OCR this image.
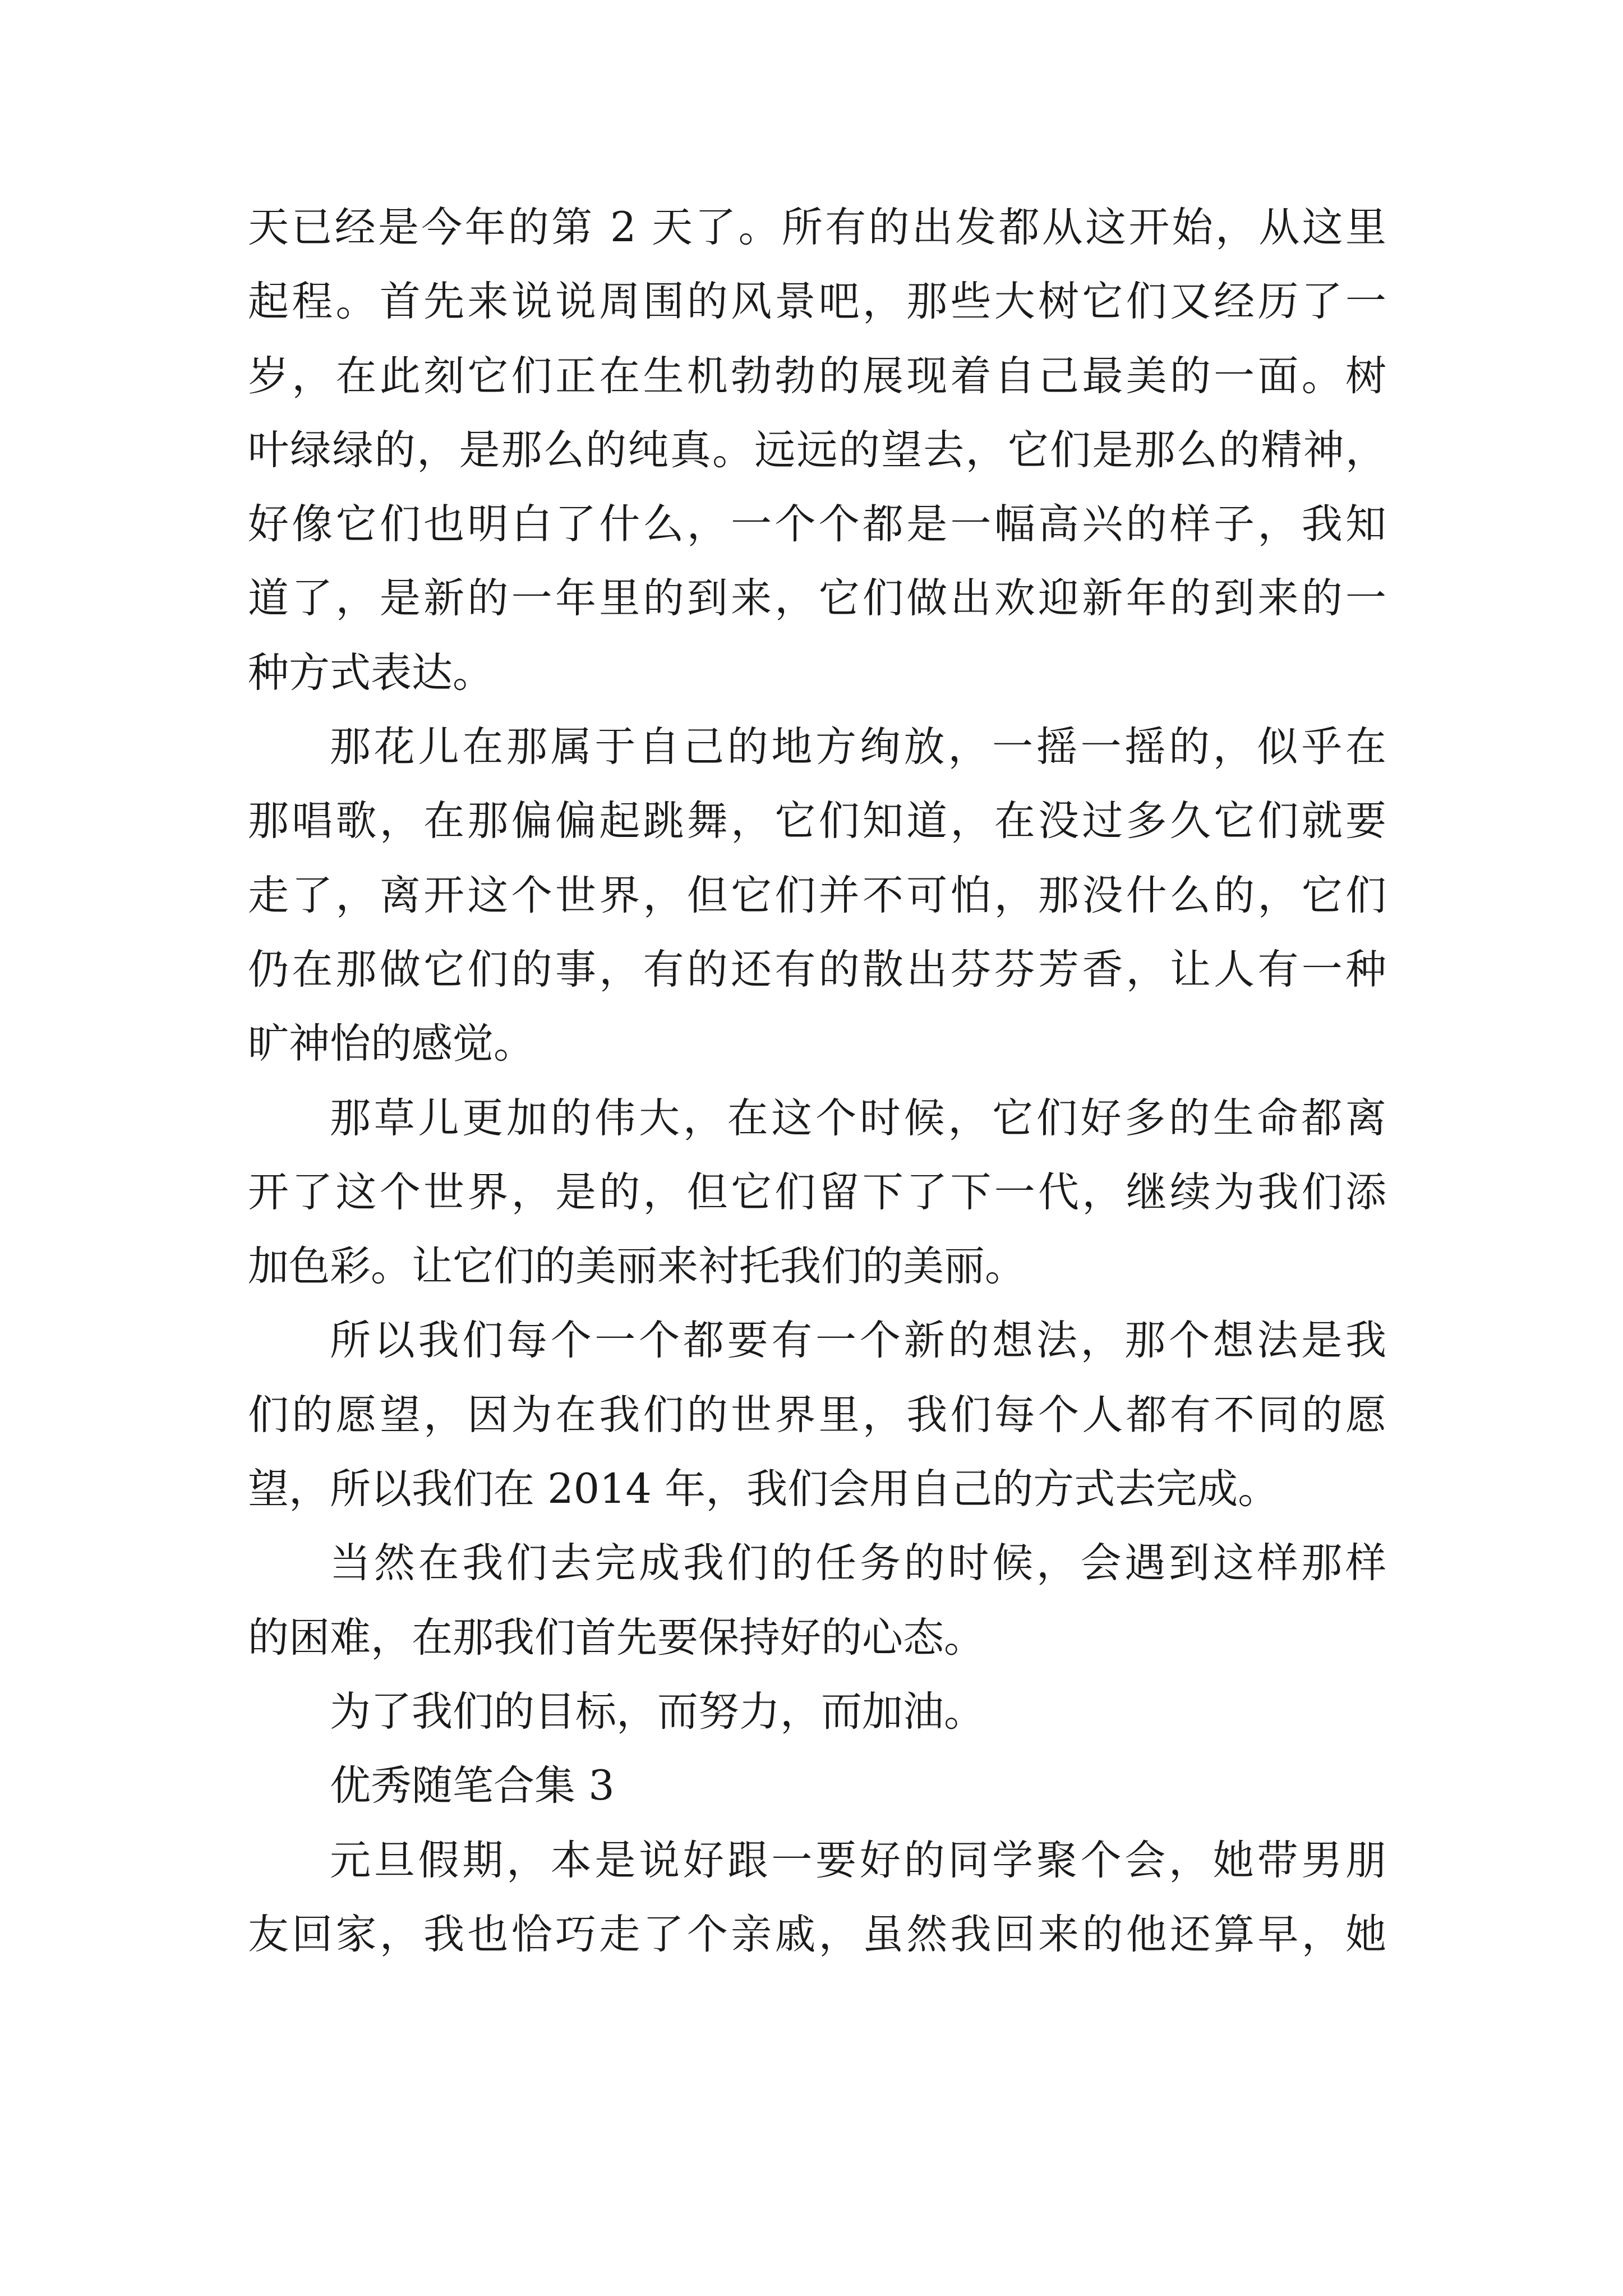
天已经是今年的第 2 天了。所有的出发都从这开始，从这里
起程。首先来说说周围的风景吧，那些大树它们又经历了一
岁，在此刻它们正在生机勃勃的展现着自己最美的一面。树
叶绿绿的，是那么的纯真。远远的望去，它们是那么的精神，
好像它们也明白了什么，一个个都是一幅高兴的样子，我知
道了，是新的一年里的到来，它们做出欢迎新年的到来的一
种方式表达。
那花儿在那属于自己的地方绚放，一摇一摇的，似乎在
那唱歌，在那偏偏起跳舞，它们知道，在没过多久它们就要
走了，离开这个世界，但它们并不可怕，那没什么的，它们
仍在那做它们的事，有的还有的散出芬芬芳香，让人有一种
旷神怡的感觉。
那草儿更加的伟大，在这个时候，它们好多的生命都离
开了这个世界，是的，但它们留下了下一代，继续为我们添
加色彩。让它们的美丽来衬托我们的美丽。
所以我们每个一个都要有一个新的想法，那个想法是我
们的愿望，因为在我们的世界里，我们每个人都有不同的愿
望，所以我们在 2014 年，我们会用自己的方式去完成。
当然在我们去完成我们的任务的时候，会遇到这样那样
的困难，在那我们首先要保持好的心态。
为了我们的目标，而努力，而加油。
优秀随笔合集 3
元旦假期，本是说好跟一要好的同学聚个会，她带男朋
友回家，我也恰巧走了个亲戚，虽然我回来的他还算早，她
